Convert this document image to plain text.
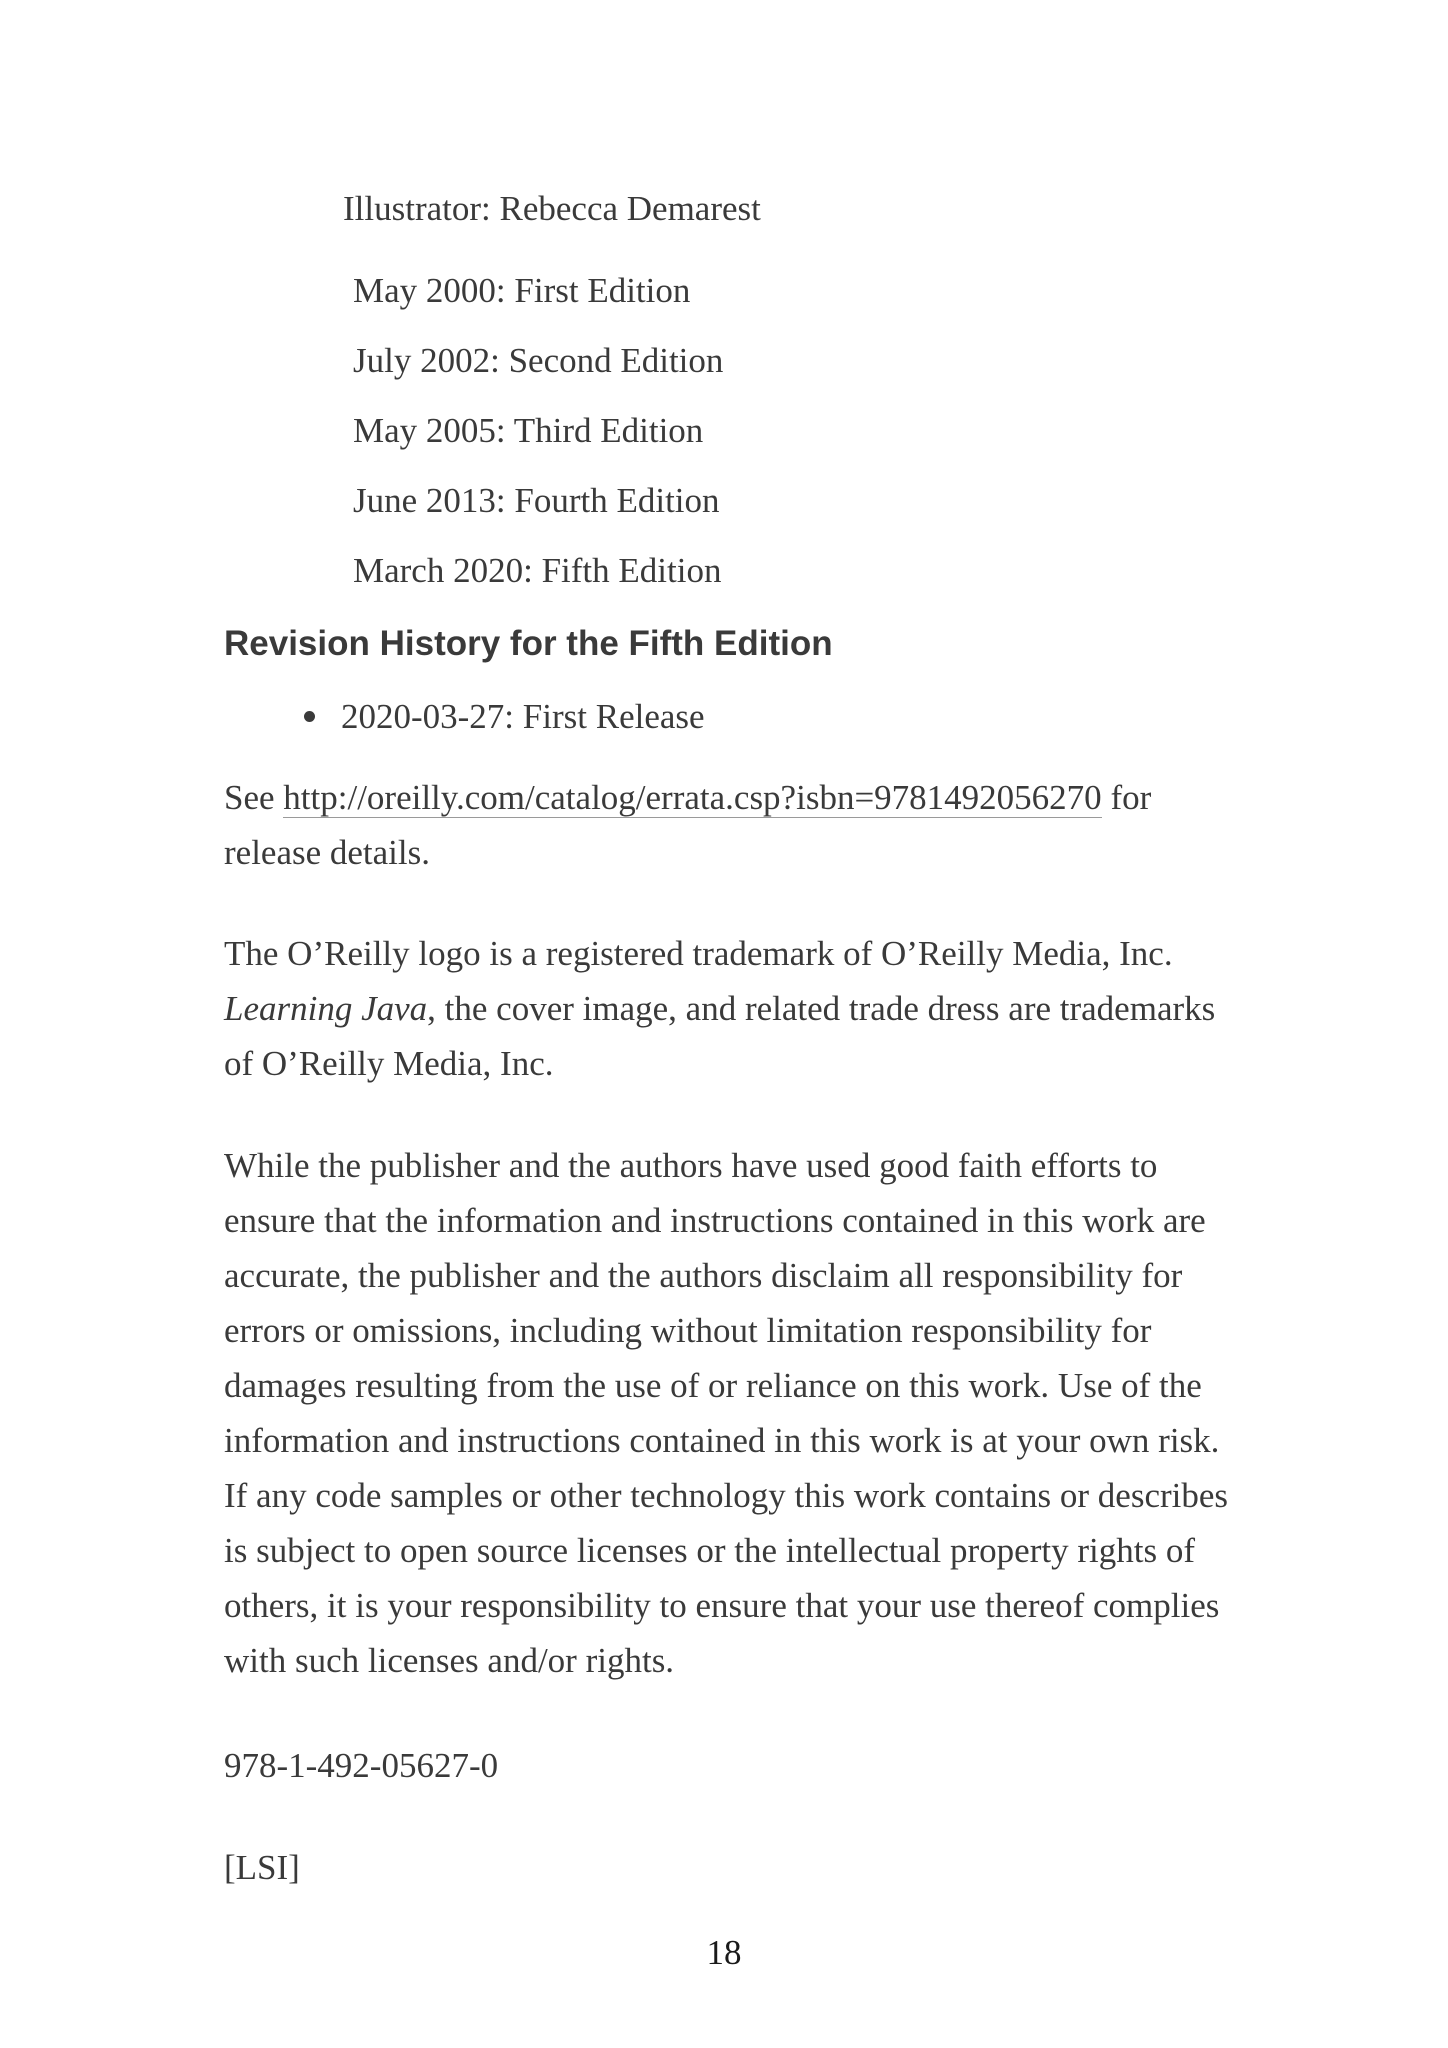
Illustrator: Rebecca Demarest
May 2000: First Edition
July 2002: Second Edition
May 2005: Third Edition
June 2013: Fourth Edition
March 2020: Fifth Edition
Revision History for the Fifth Edition
2020-03-27: First Release

See http://oreilly.com/catalog/errata.csp?isbn=9781492056270 for release details.

The O’Reilly logo is a registered trademark of O’Reilly Media, Inc. Learning Java, the cover image, and related trade dress are trademarks of O’Reilly Media, Inc.

While the publisher and the authors have used good faith efforts to ensure that the information and instructions contained in this work are accurate, the publisher and the authors disclaim all responsibility for errors or omissions, including without limitation responsibility for damages resulting from the use of or reliance on this work. Use of the information and instructions contained in this work is at your own risk. If any code samples or other technology this work contains or describes is subject to open source licenses or the intellectual property rights of others, it is your responsibility to ensure that your use thereof complies with such licenses and/or rights.

978-1-492-05627-0

[LSI]

18
